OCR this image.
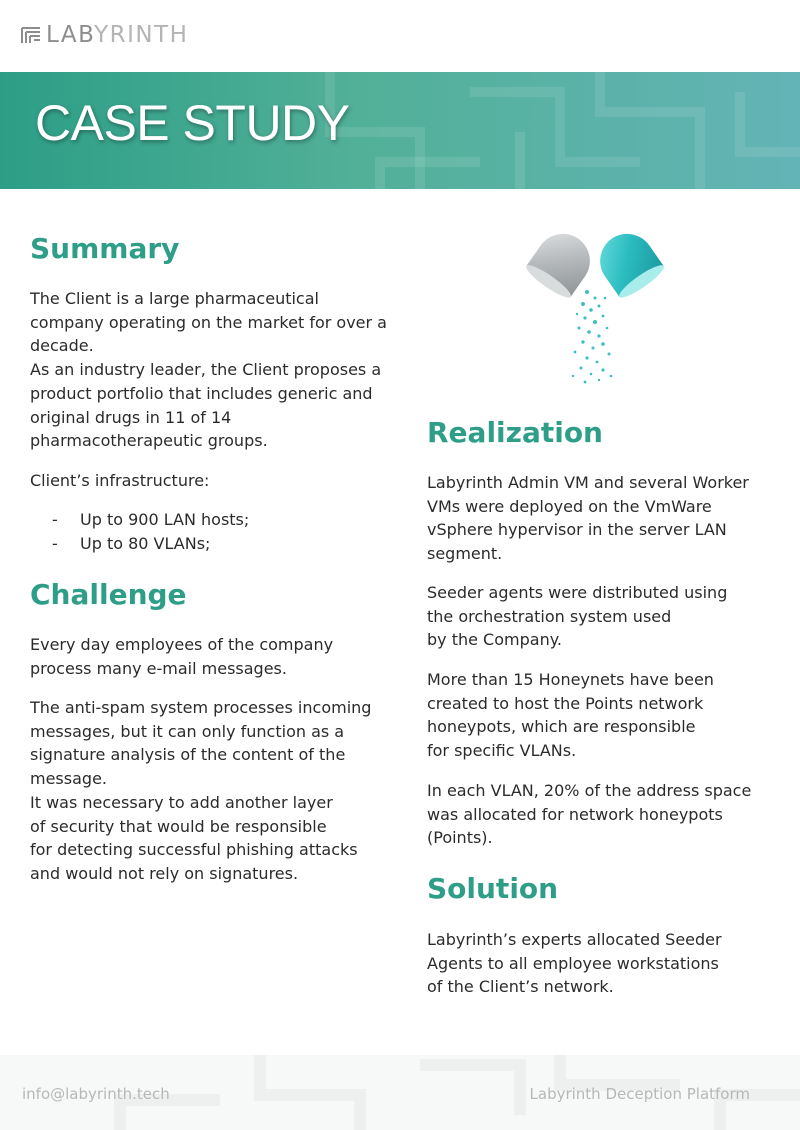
LABYRINTH
CASE STUDY
Summary

The Client is a large pharmaceutical
company operating on the market for over a
decade.
As an industry leader, the Client proposes a
product portfolio that includes generic and
original drugs in 11 of 14
pharmacotherapeutic groups.

Client’s infrastructure:

-	Up to 900 LAN hosts;
-	Up to 80 VLANs;
Challenge

Every day employees of the company
process many e-mail messages.

The anti-spam system processes incoming
messages, but it can only function as a
signature analysis of the content of the
message.
It was necessary to add another layer
of security that would be responsible
for detecting successful phishing attacks
and would not rely on signatures.

Realization

Labyrinth Admin VM and several Worker
VMs were deployed on the VmWare
vSphere hypervisor in the server LAN
segment.

Seeder agents were distributed using
the orchestration system used
by the Company.

More than 15 Honeynets have been
created to host the Points network
honeypots, which are responsible
for specific VLANs.

In each VLAN, 20% of the address space
was allocated for network honeypots
(Points).

Solution

Labyrinth’s experts allocated Seeder
Agents to all employee workstations
of the Client’s network.

info@labyrinth.tech	Labyrinth Deception Platform
